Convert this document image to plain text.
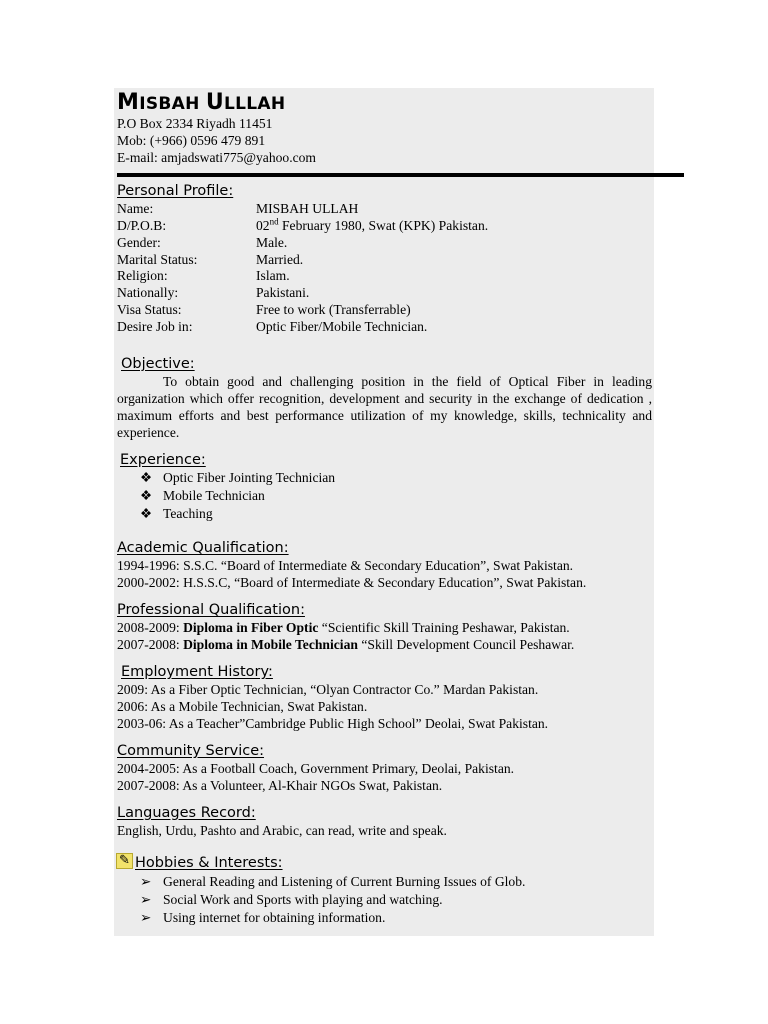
MISBAH ULLLAH
P.O Box 2334 Riyadh 11451
Mob: (+966) 0596 479 891
E-mail: amjadswati775@yahoo.com
Personal Profile:
Name:	MISBAH ULLAH
D/P.O.B:	02nd February 1980, Swat (KPK) Pakistan.
Gender:	Male.
Marital Status:	Married.
Religion:	Islam.
Nationally:	Pakistani.
Visa Status:	Free to work (Transferrable)
Desire Job in:	Optic Fiber/Mobile Technician.
Objective:
To obtain good and challenging position in the field of Optical Fiber in leading organization which offer recognition, development and security in the exchange of dedication , maximum efforts and best performance utilization of my knowledge, skills, technicality and experience.
Experience:
❖ Optic Fiber Jointing Technician
❖ Mobile Technician
❖ Teaching
Academic Qualification:
1994-1996: S.S.C. “Board of Intermediate & Secondary Education”, Swat Pakistan.
2000-2002: H.S.S.C, “Board of Intermediate & Secondary Education”, Swat Pakistan.
Professional Qualification:
2008-2009: Diploma in Fiber Optic “Scientific Skill Training Peshawar, Pakistan.
2007-2008: Diploma in Mobile Technician “Skill Development Council Peshawar.
Employment History:
2009: As a Fiber Optic Technician, “Olyan Contractor Co.” Mardan Pakistan.
2006: As a Mobile Technician, Swat Pakistan.
2003-06: As a Teacher”Cambridge Public High School” Deolai, Swat Pakistan.
Community Service:
2004-2005: As a Football Coach, Government Primary, Deolai, Pakistan.
2007-2008: As a Volunteer, Al-Khair NGOs Swat, Pakistan.
Languages Record:
English, Urdu, Pashto and Arabic, can read, write and speak.
✎ Hobbies & Interests:
➢ General Reading and Listening of Current Burning Issues of Glob.
➢ Social Work and Sports with playing and watching.
➢ Using internet for obtaining information.
